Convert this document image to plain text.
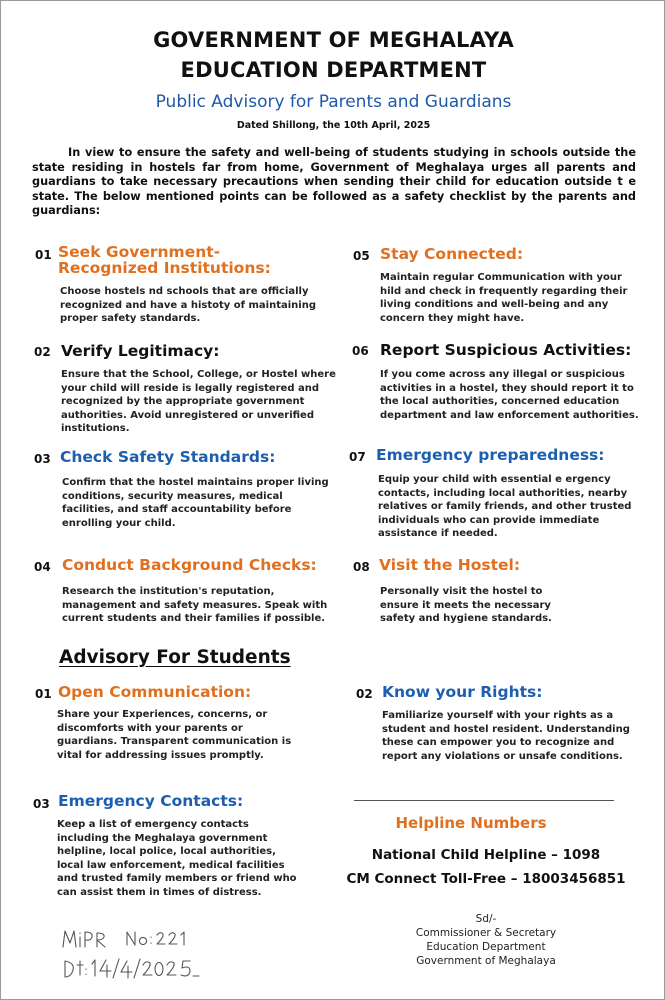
GOVERNMENT OF MEGHALAYA
EDUCATION DEPARTMENT
Public Advisory for Parents and Guardians
Dated Shillong, the 10th April, 2025
In view to ensure the safety and well-being of students studying in schools outside the state residing in hostels far from home, Government of Meghalaya urges all parents and guardians to take necessary precautions when sending their child for education outside t e state. The below mentioned points can be followed as a safety checklist by the parents and guardians:
01 Seek Government-
Recognized Institutions:
Choose hostels nd schools that are officially recognized and have a histoty of maintaining proper safety standards.
02 Verify Legitimacy:
Ensure that the School, College, or Hostel where your child will reside is legally registered and recognized by the appropriate government authorities. Avoid unregistered or unverified institutions.
03 Check Safety Standards:
Confirm that the hostel maintains proper living conditions, security measures, medical facilities, and staff accountability before enrolling your child.
04 Conduct Background Checks:
Research the institution's reputation, management and safety measures. Speak with current students and their families if possible.
05 Stay Connected:
Maintain regular Communication with your hild and check in frequently regarding their living conditions and well-being and any concern they might have.
06 Report Suspicious Activities:
If you come across any illegal or suspicious activities in a hostel, they should report it to the local authorities, concerned education department and law enforcement authorities.
07 Emergency preparedness:
Equip your child with essential e ergency contacts, including local authorities, nearby relatives or family friends, and other trusted individuals who can provide immediate assistance if needed.
08 Visit the Hostel:
Personally visit the hostel to ensure it meets the necessary safety and hygiene standards.
Advisory For Students
01 Open Communication:
Share your Experiences, concerns, or discomforts with your parents or guardians. Transparent communication is vital for addressing issues promptly.
02 Know your Rights:
Familiarize yourself with your rights as a student and hostel resident. Understanding these can empower you to recognize and report any violations or unsafe conditions.
03 Emergency Contacts:
Keep a list of emergency contacts including the Meghalaya government helpline, local police, local authorities, local law enforcement, medical facilities and trusted family members or friend who can assist them in times of distress.
Helpline Numbers
National Child Helpline – 1098
CM Connect Toll-Free – 18003456851
Sd/-
Commissioner & Secretary
Education Department
Government of Meghalaya
